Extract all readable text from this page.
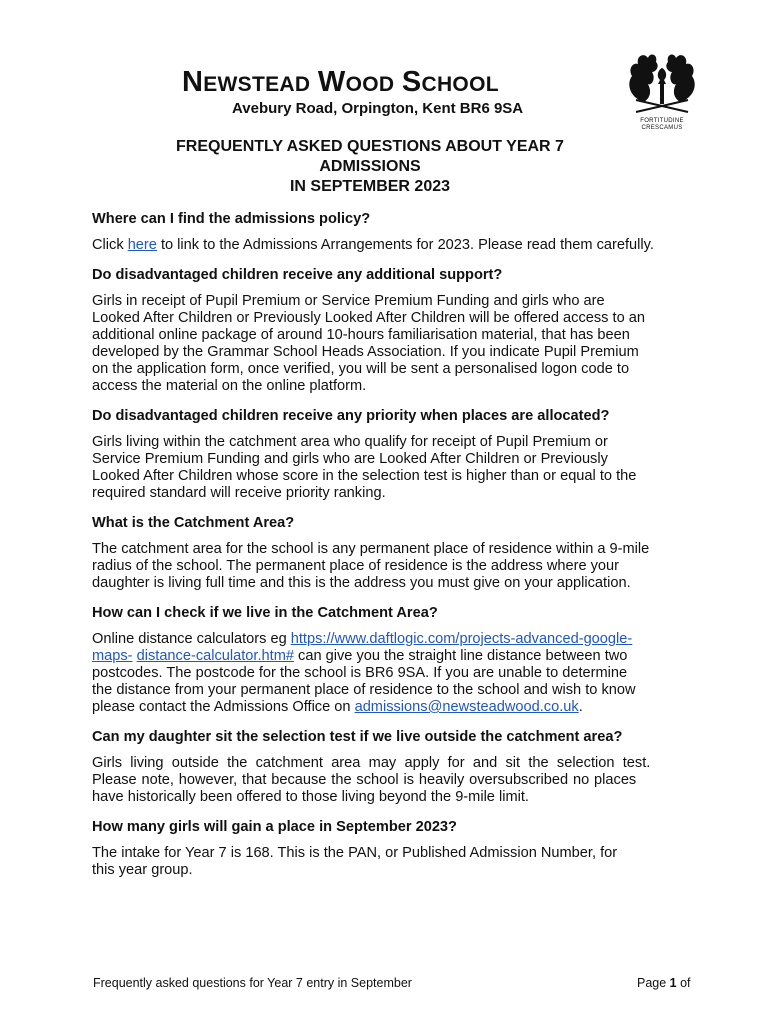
NEWSTEAD WOOD SCHOOL
Avebury Road, Orpington, Kent BR6 9SA
FORTITUDINE
CRESCAMUS
FREQUENTLY ASKED QUESTIONS ABOUT YEAR 7
ADMISSIONS
IN SEPTEMBER 2023
Where can I find the admissions policy?
Click here to link to the Admissions Arrangements for 2023. Please read them carefully.
Do disadvantaged children receive any additional support?
Girls in receipt of Pupil Premium or Service Premium Funding and girls who are
Looked After Children or Previously Looked After Children will be offered access to an
additional online package of around 10-hours familiarisation material, that has been
developed by the Grammar School Heads Association. If you indicate Pupil Premium
on the application form, once verified, you will be sent a personalised logon code to
access the material on the online platform.
Do disadvantaged children receive any priority when places are allocated?
Girls living within the catchment area who qualify for receipt of Pupil Premium or
Service Premium Funding and girls who are Looked After Children or Previously
Looked After Children whose score in the selection test is higher than or equal to the
required standard will receive priority ranking.
What is the Catchment Area?
The catchment area for the school is any permanent place of residence within a 9-mile
radius of the school. The permanent place of residence is the address where your
daughter is living full time and this is the address you must give on your application.
How can I check if we live in the Catchment Area?
Online distance calculators eg https://www.daftlogic.com/projects-advanced-google-
maps- distance-calculator.htm# can give you the straight line distance between two
postcodes. The postcode for the school is BR6 9SA. If you are unable to determine
the distance from your permanent place of residence to the school and wish to know
please contact the Admissions Office on admissions@newsteadwood.co.uk.
Can my daughter sit the selection test if we live outside the catchment area?
Girls living outside the catchment area may apply for and sit the selection test.
Please note, however, that because the school is heavily oversubscribed no places
have historically been offered to those living beyond the 9-mile limit.
How many girls will gain a place in September 2023?
The intake for Year 7 is 168. This is the PAN, or Published Admission Number, for
this year group.
Frequently asked questions for Year 7 entry in September	Page 1 of
